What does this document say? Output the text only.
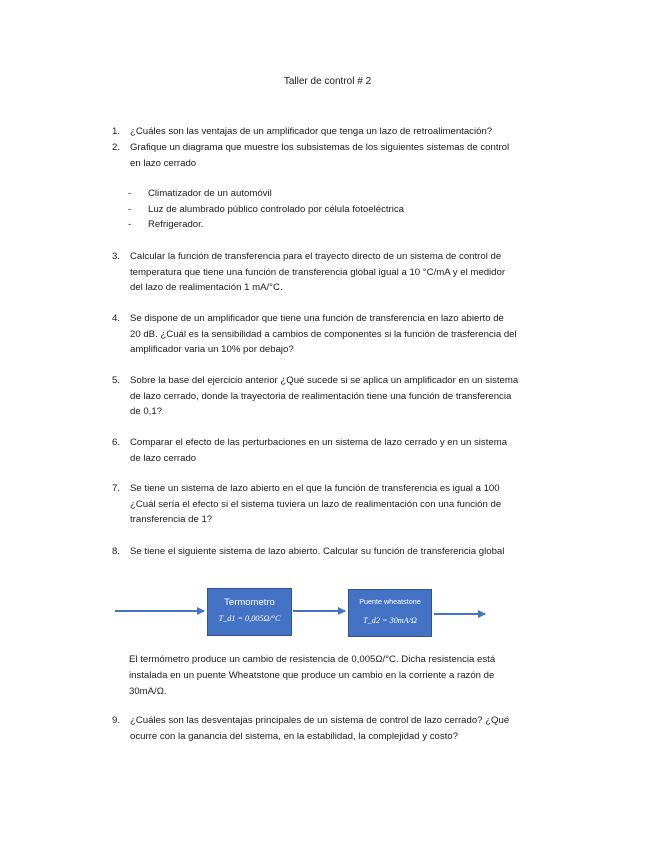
Taller de control # 2
1. ¿Cuáles son las ventajas de un amplificador que tenga un lazo de retroalimentación?
2. Grafique un diagrama que muestre los subsistemas de los siguientes sistemas de control
en lazo cerrado
- Climatizador de un automóvil
- Luz de alumbrado público controlado por célula fotoeléctrica
- Refrigerador.
3. Calcular la función de transferencia para el trayecto directo de un sistema de control de
temperatura que tiene una función de transferencia global igual a 10 °C/mA y el medidor
del lazo de realimentación 1 mA/°C.
4. Se dispone de un amplificador que tiene una función de transferencia en lazo abierto de
20 dB. ¿Cuál es la sensibilidad a cambios de componentes si la función de trasferencia del
amplificador varia un 10% por debajo?
5. Sobre la base del ejercicio anterior ¿Qué sucede si se aplica un amplificador en un sistema
de lazo cerrado, donde la trayectoria de realimentación tiene una función de transferencia
de 0,1?
6. Comparar el efecto de las perturbaciones en un sistema de lazo cerrado y en un sistema
de lazo cerrado
7. Se tiene un sistema de lazo abierto en el que la función de transferencia es igual a 100
¿Cuál sería el efecto si el sistema tuviera un lazo de realimentación con una función de
transferencia de 1?
8. Se tiene el siguiente sistema de lazo abierto. Calcular su función de transferencia global
Termometro
T_d1 = 0,005Ω/°C
Puente wheatstone
T_d2 = 30mA/Ω
El termómetro produce un cambio de resistencia de 0,005Ω/°C. Dicha resistencia está
instalada en un puente Wheatstone que produce un cambio en la corriente a razón de
30mA/Ω.
9. ¿Cuáles son las desventajas principales de un sistema de control de lazo cerrado? ¿Qué
ocurre con la ganancia del sistema, en la estabilidad, la complejidad y costo?
